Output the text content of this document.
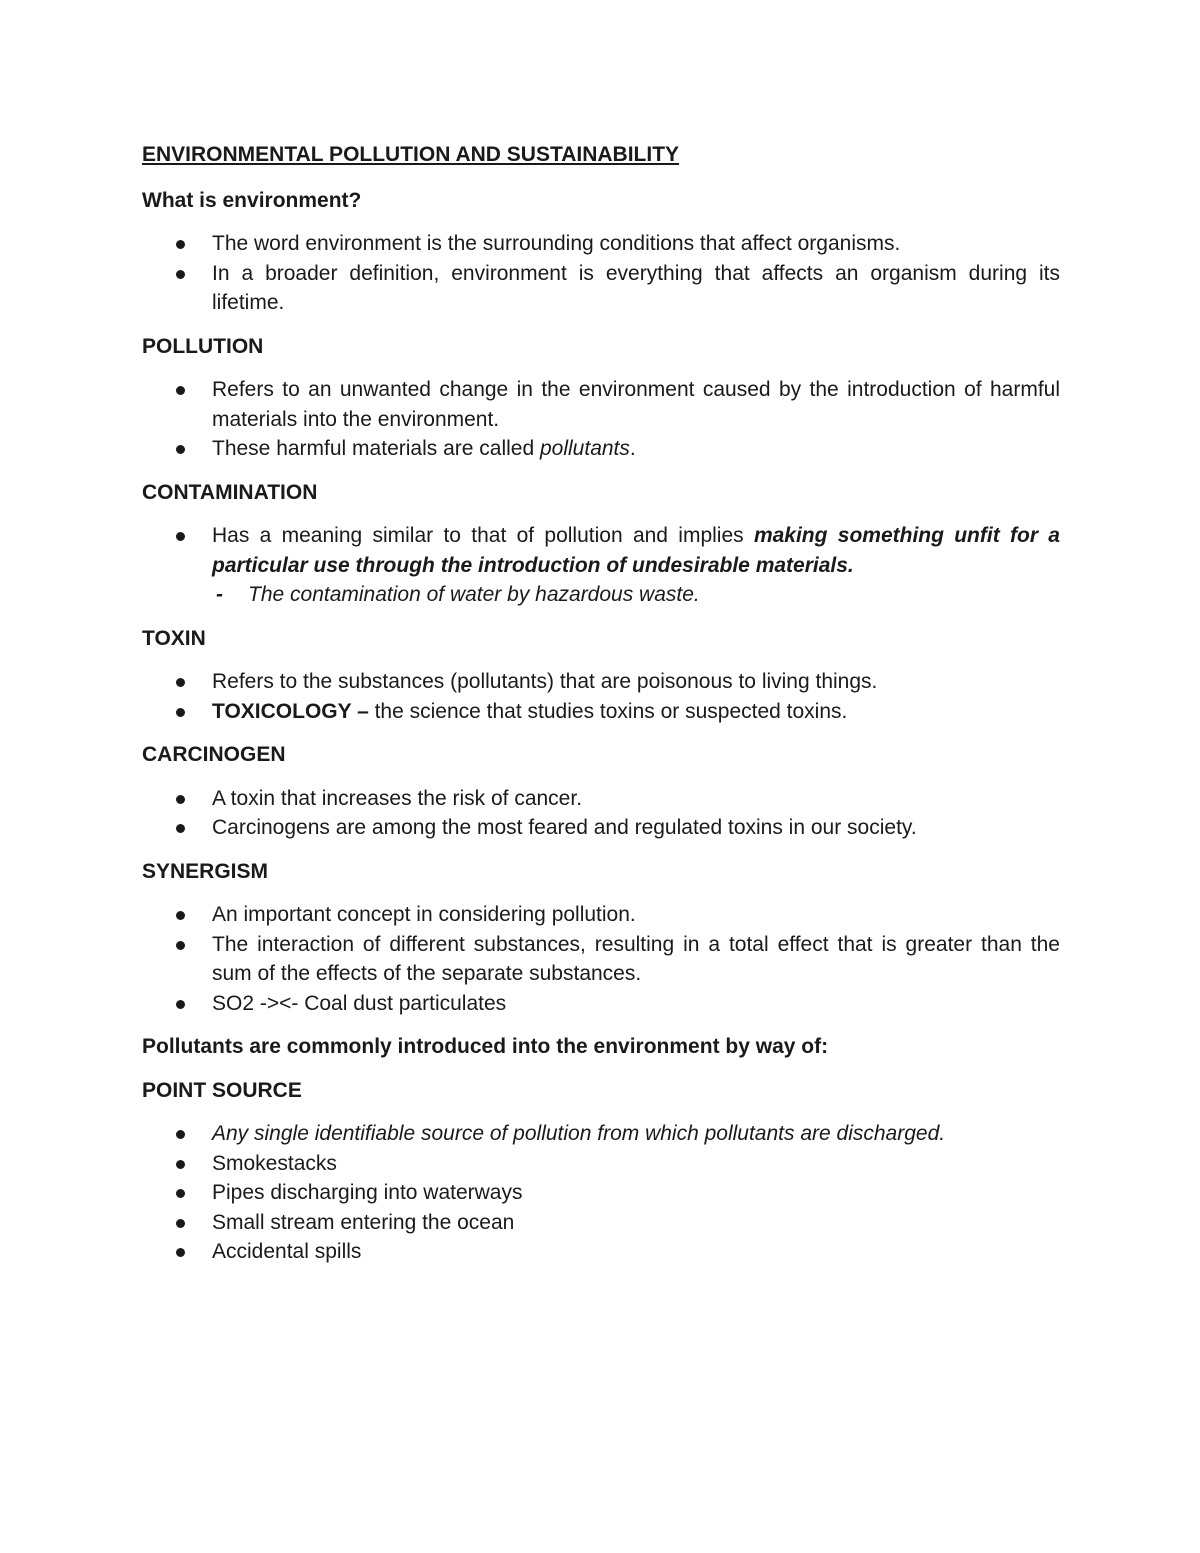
ENVIRONMENTAL POLLUTION AND SUSTAINABILITY
What is environment?
The word environment is the surrounding conditions that affect organisms.
In a broader definition, environment is everything that affects an organism during its lifetime.
POLLUTION
Refers to an unwanted change in the environment caused by the introduction of harmful materials into the environment.
These harmful materials are called pollutants.
CONTAMINATION
Has a meaning similar to that of pollution and implies making something unfit for a particular use through the introduction of undesirable materials.
- The contamination of water by hazardous waste.
TOXIN
Refers to the substances (pollutants) that are poisonous to living things.
TOXICOLOGY – the science that studies toxins or suspected toxins.
CARCINOGEN
A toxin that increases the risk of cancer.
Carcinogens are among the most feared and regulated toxins in our society.
SYNERGISM
An important concept in considering pollution.
The interaction of different substances, resulting in a total effect that is greater than the sum of the effects of the separate substances.
SO2 -><- Coal dust particulates
Pollutants are commonly introduced into the environment by way of:
POINT SOURCE
Any single identifiable source of pollution from which pollutants are discharged.
Smokestacks
Pipes discharging into waterways
Small stream entering the ocean
Accidental spills
